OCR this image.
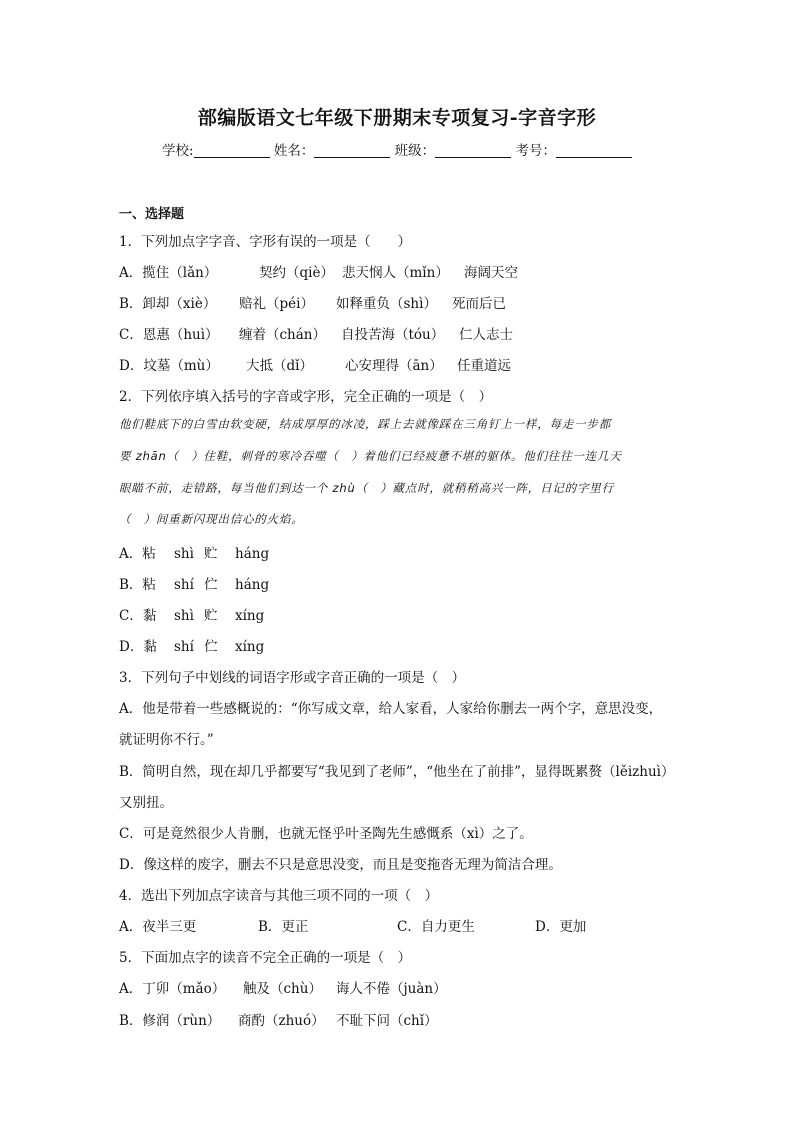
部编版语文七年级下册期末专项复习-字音字形
学校:	姓名：	班级：	考号：
一、选择题
1．下列加点字字音、字形有误的一项是（　　）
A．揽住（lǎn）	契约（qiè） 悲天悯人（mǐn） 海阔天空
B．卸却（xiè） 赔礼（péi） 如释重负（shì） 死而后已
C．恩惠（huì） 缠着（chán） 自投苦海（tóu） 仁人志士
D．坟墓（mù） 大抵（dǐ） 心安理得（ān） 任重道远
2．下列依序填入括号的字音或字形，完全正确的一项是（　）
他们鞋底下的白雪由软变硬，结成厚厚的冰凌，踩上去就像踩在三角钉上一样，每走一步都
要 zhān（　）住鞋，刺骨的寒冷吞噬（　）着他们已经疲惫不堪的躯体。他们往往一连几天
眼瞄不前，走错路，每当他们到达一个 zhù（　）藏点时，就稍稍高兴一阵，日记的字里行
（　）间重新闪现出信心的火焰。
A．粘 shì 贮 háng
B．粘 shí 伫 háng
C．黏 shì 贮 xíng
D．黏 shí 伫 xíng
3．下列句子中划线的词语字形或字音正确的一项是（　）
A．他是带着一些感概说的：“你写成文章，给人家看，人家给你删去一两个字，意思没变，
就证明你不行。”
B．简明自然，现在却几乎都要写“我见到了老师”，“他坐在了前排”，显得既累赘（lěizhuì）
又别扭。
C．可是竟然很少人肯删，也就无怪乎叶圣陶先生感慨系（xì）之了。
D．像这样的废字，删去不只是意思没变，而且是变拖沓无理为简洁合理。
4．选出下列加点字读音与其他三项不同的一项（　）
A．夜半三更	B．更正	C．自力更生	D．更加
5．下面加点字的读音不完全正确的一项是（　）
A．丁卯（mǎo） 触及（chù） 诲人不倦（juàn）
B．修润（rùn） 商酌（zhuó） 不耻下问（chǐ）
